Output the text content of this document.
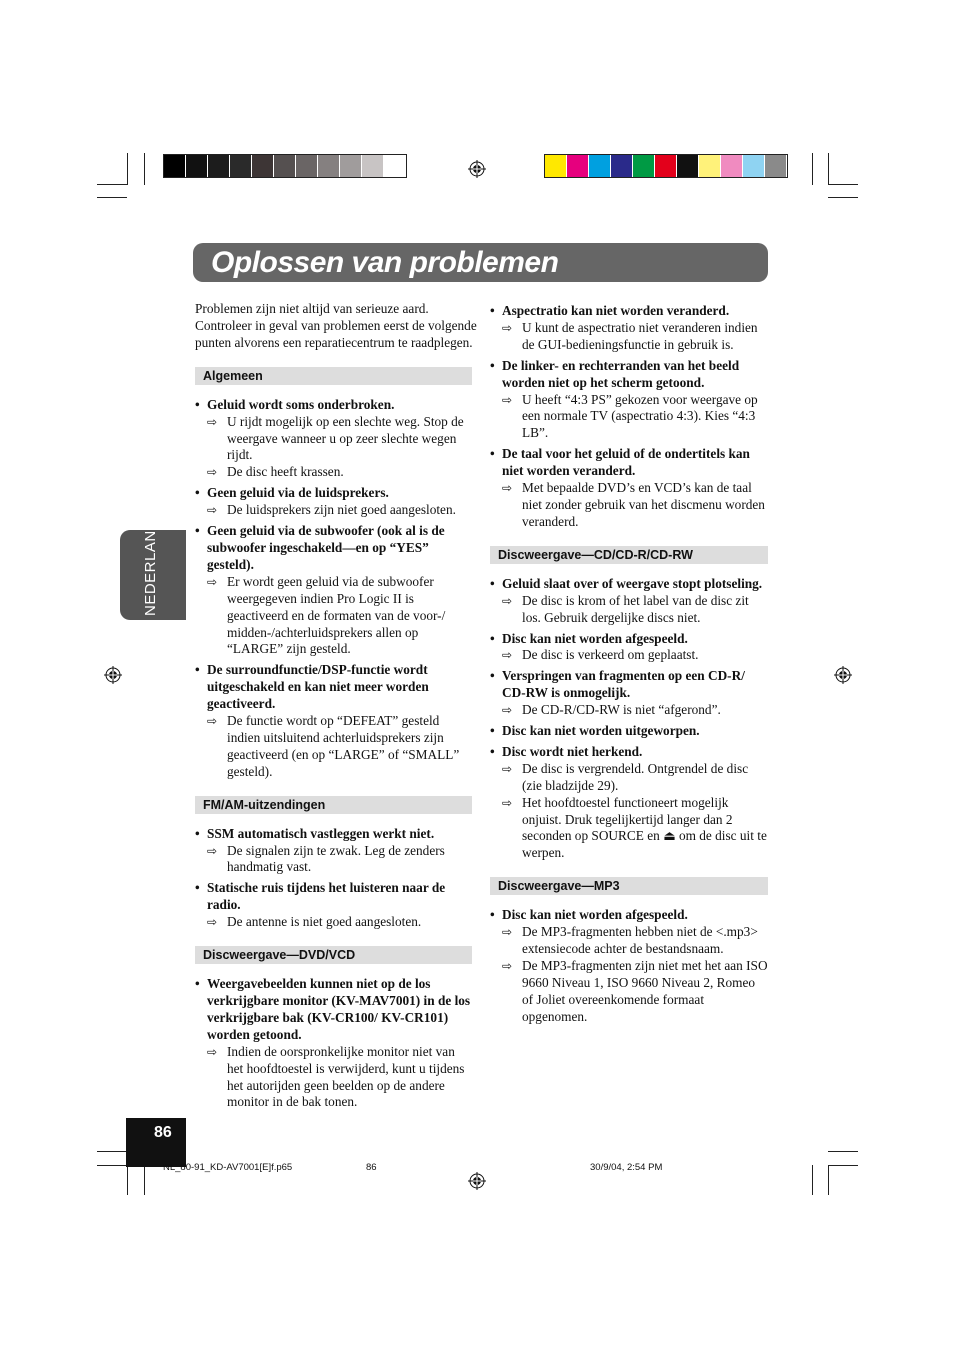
Oplossen van problemen
NEDERLANDS

Problemen zijn niet altijd van serieuze aard. Controleer in geval van problemen eerst de volgende punten alvorens een reparatiecentrum te raadplegen.

Algemeen
• Geluid wordt soms onderbroken.
⇨ U rijdt mogelijk op een slechte weg. Stop de weergave wanneer u op zeer slechte wegen rijdt.
⇨ De disc heeft krassen.
• Geen geluid via de luidsprekers.
⇨ De luidsprekers zijn niet goed aangesloten.
• Geen geluid via de subwoofer (ook al is de subwoofer ingeschakeld—en op “YES” gesteld).
⇨ Er wordt geen geluid via de subwoofer weergegeven indien Pro Logic II is geactiveerd en de formaten van de voor-/ midden-/achterluidsprekers allen op “LARGE” zijn gesteld.
• De surroundfunctie/DSP-functie wordt uitgeschakeld en kan niet meer worden geactiveerd.
⇨ De functie wordt op “DEFEAT” gesteld indien uitsluitend achterluidsprekers zijn geactiveerd (en op “LARGE” of “SMALL” gesteld).
FM/AM-uitzendingen
• SSM automatisch vastleggen werkt niet.
⇨ De signalen zijn te zwak. Leg de zenders handmatig vast.
• Statische ruis tijdens het luisteren naar de radio.
⇨ De antenne is niet goed aangesloten.
Discweergave—DVD/VCD
• Weergavebeelden kunnen niet op de los verkrijgbare monitor (KV-MAV7001) in de los verkrijgbare bak (KV-CR100/ KV-CR101) worden getoond.
⇨ Indien de oorspronkelijke monitor niet van het hoofdtoestel is verwijderd, kunt u tijdens het autorijden geen beelden op de andere monitor in de bak tonen.
• Aspectratio kan niet worden veranderd.
⇨ U kunt de aspectratio niet veranderen indien de GUI-bedieningsfunctie in gebruik is.
• De linker- en rechterranden van het beeld worden niet op het scherm getoond.
⇨ U heeft “4:3 PS” gekozen voor weergave op een normale TV (aspectratio 4:3). Kies “4:3 LB”.
• De taal voor het geluid of de ondertitels kan niet worden veranderd.
⇨ Met bepaalde DVD’s en VCD’s kan de taal niet zonder gebruik van het discmenu worden veranderd.
Discweergave—CD/CD-R/CD-RW
• Geluid slaat over of weergave stopt plotseling.
⇨ De disc is krom of het label van de disc zit los. Gebruik dergelijke discs niet.
• Disc kan niet worden afgespeeld.
⇨ De disc is verkeerd om geplaatst.
• Verspringen van fragmenten op een CD-R/ CD-RW is onmogelijk.
⇨ De CD-R/CD-RW is niet “afgerond”.
• Disc kan niet worden uitgeworpen.
• Disc wordt niet herkend.
⇨ De disc is vergrendeld. Ontgrendel de disc (zie bladzijde 29).
⇨ Het hoofdtoestel functioneert mogelijk onjuist. Druk tegelijkertijd langer dan 2 seconden op SOURCE en ⏏ om de disc uit te werpen.
Discweergave—MP3
• Disc kan niet worden afgespeeld.
⇨ De MP3-fragmenten hebben niet de <.mp3> extensiecode achter de bestandsnaam.
⇨ De MP3-fragmenten zijn niet met het aan ISO 9660 Niveau 1, ISO 9660 Niveau 2, Romeo of Joliet overeenkomende formaat opgenomen.
86
NL_80-91_KD-AV7001[E]f.p65	86	30/9/04, 2:54 PM
